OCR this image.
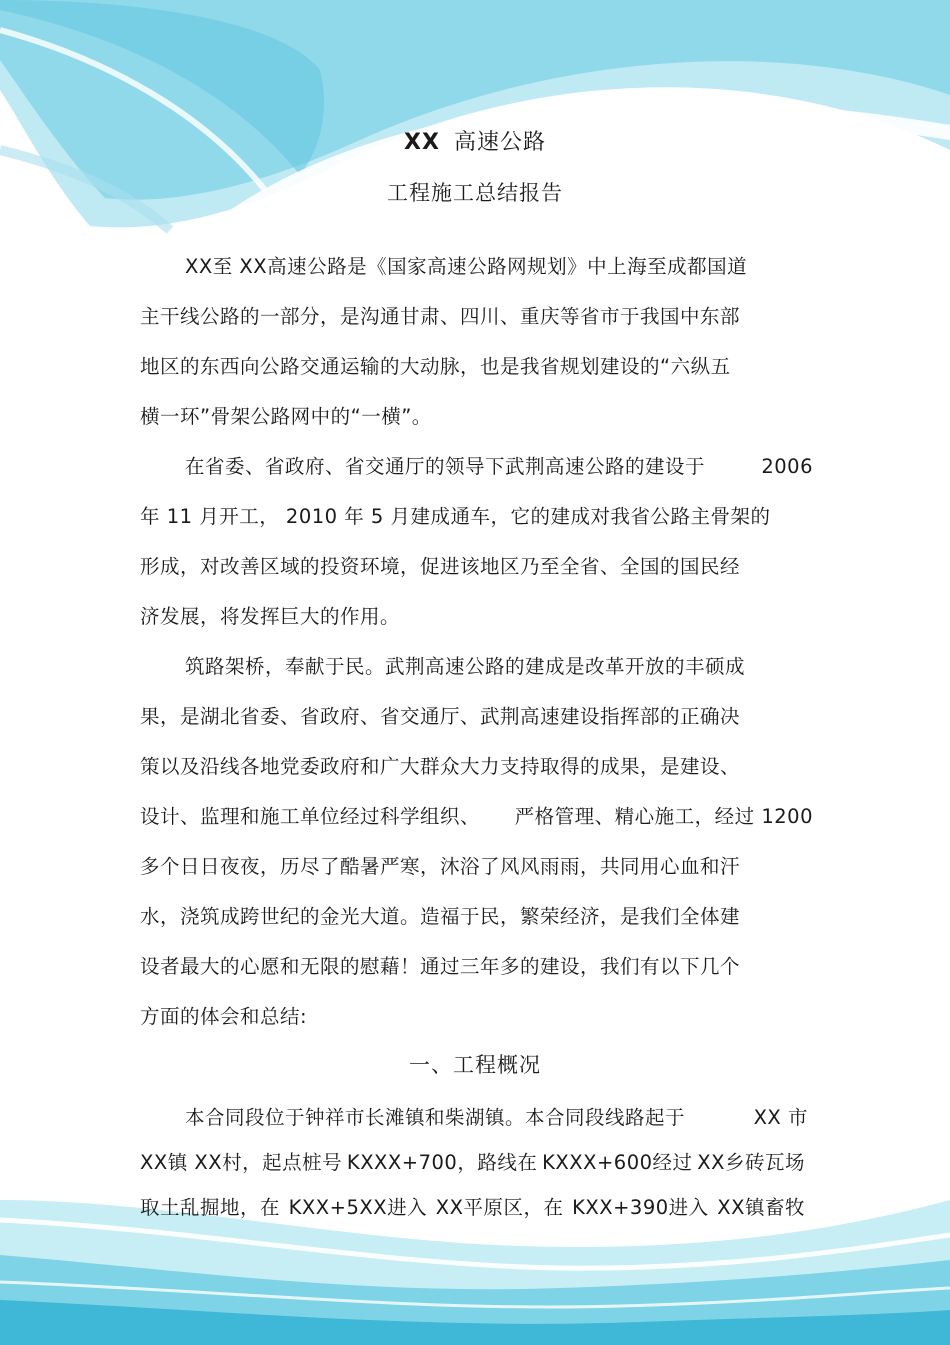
XX 高速公路
工程施工总结报告
XX至 XX高速公路是《国家高速公路网规划》中上海至成都国道
主干线公路的一部分，是沟通甘肃、四川、重庆等省市于我国中东部
地区的东西向公路交通运输的大动脉，也是我省规划建设的“六纵五
横一环”骨架公路网中的“一横”。
在省委、省政府、省交通厅的领导下武荆高速公路的建设于	2006
年 11 月开工， 2010 年 5 月建成通车，它的建成对我省公路主骨架的
形成，对改善区域的投资环境，促进该地区乃至全省、全国的国民经
济发展，将发挥巨大的作用。
筑路架桥，奉献于民。武荆高速公路的建成是改革开放的丰硕成
果，是湖北省委、省政府、省交通厅、武荆高速建设指挥部的正确决
策以及沿线各地党委政府和广大群众大力支持取得的成果，是建设、
设计、监理和施工单位经过科学组织、 严格管理、精心施工，经过 1200
多个日日夜夜，历尽了酷暑严寒，沐浴了风风雨雨，共同用心血和汗
水，浇筑成跨世纪的金光大道。造福于民，繁荣经济，是我们全体建
设者最大的心愿和无限的慰藉！通过三年多的建设，我们有以下几个
方面的体会和总结:
一、工程概况
本合同段位于钟祥市长滩镇和柴湖镇。本合同段线路起于	XX 市
XX镇 XX村，起点桩号 KXXX+700，路线在 KXXX+600经过 XX乡砖瓦场
取土乱掘地，在 KXX+5XX进入 XX平原区，在 KXX+390进入 XX镇畜牧
